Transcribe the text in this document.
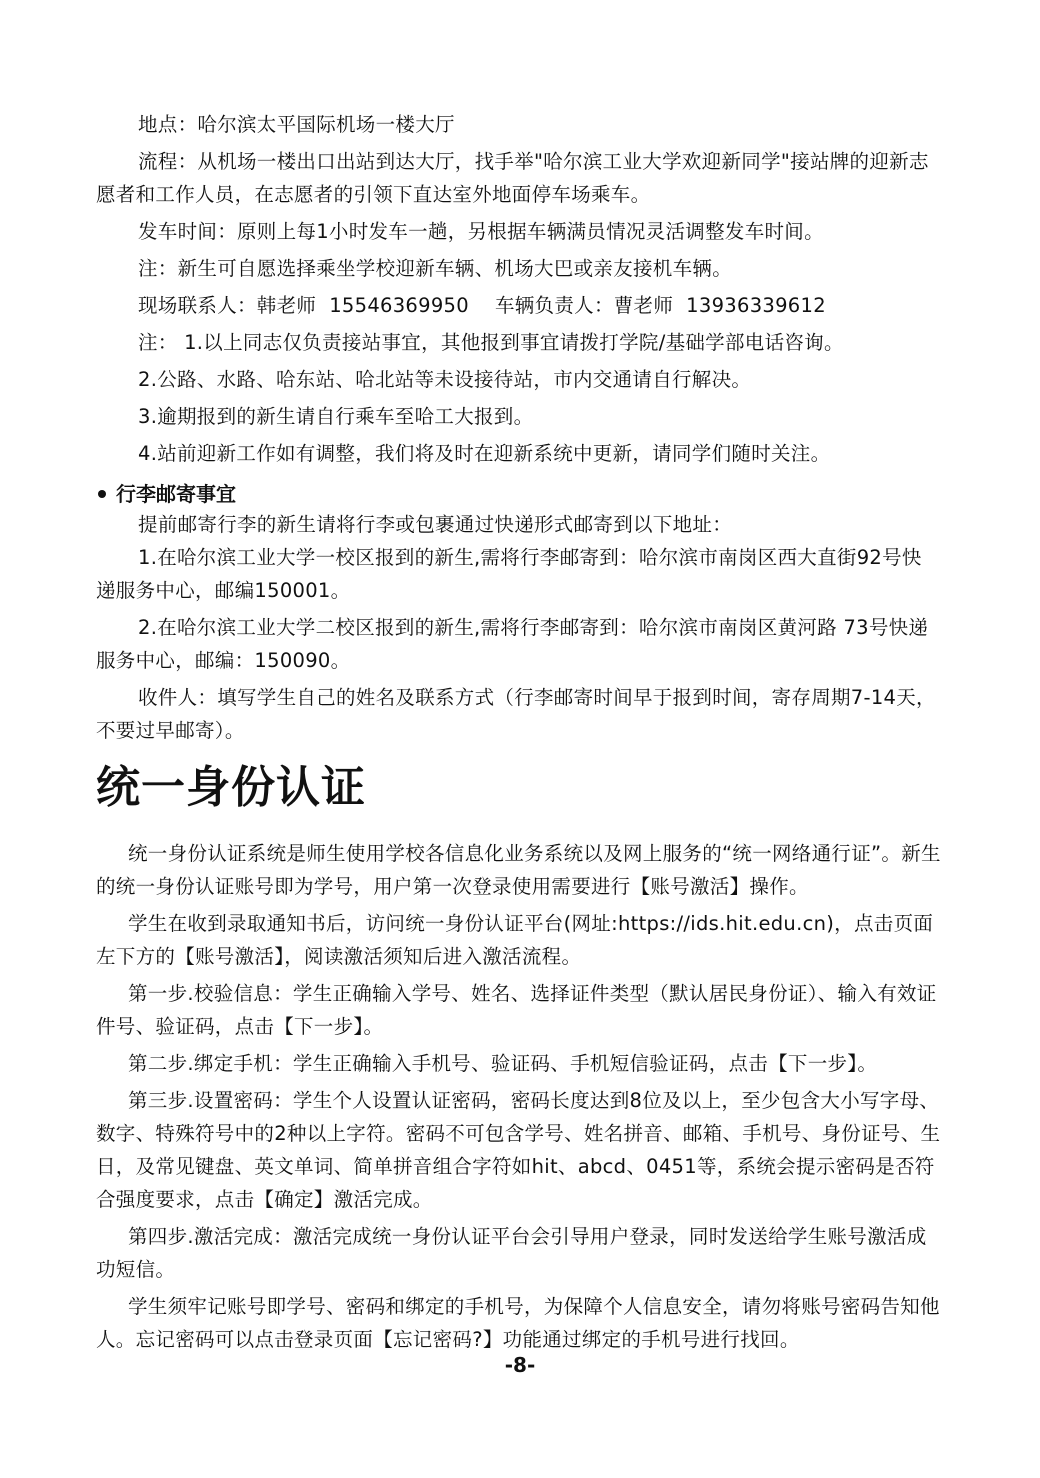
地点：哈尔滨太平国际机场一楼大厅

流程：从机场一楼出口出站到达大厅，找手举"哈尔滨工业大学欢迎新同学"接站牌的迎新志愿者和工作人员，在志愿者的引领下直达室外地面停车场乘车。

发车时间：原则上每1小时发车一趟，另根据车辆满员情况灵活调整发车时间。

注：新生可自愿选择乘坐学校迎新车辆、机场大巴或亲友接机车辆。

现场联系人：韩老师  15546369950    车辆负责人：曹老师  13936339612

注： 1.以上同志仅负责接站事宜，其他报到事宜请拨打学院/基础学部电话咨询。

2.公路、水路、哈东站、哈北站等未设接待站，市内交通请自行解决。

3.逾期报到的新生请自行乘车至哈工大报到。

4.站前迎新工作如有调整，我们将及时在迎新系统中更新，请同学们随时关注。

行李邮寄事宜

提前邮寄行李的新生请将行李或包裹通过快递形式邮寄到以下地址：

1.在哈尔滨工业大学一校区报到的新生,需将行李邮寄到：哈尔滨市南岗区西大直街92号快递服务中心，邮编150001。

2.在哈尔滨工业大学二校区报到的新生,需将行李邮寄到：哈尔滨市南岗区黄河路 73号快递服务中心，邮编：150090。

收件人：填写学生自己的姓名及联系方式（行李邮寄时间早于报到时间，寄存周期7-14天，不要过早邮寄）。

统一身份认证

统一身份认证系统是师生使用学校各信息化业务系统以及网上服务的“统一网络通行证”。新生的统一身份认证账号即为学号，用户第一次登录使用需要进行【账号激活】操作。

学生在收到录取通知书后，访问统一身份认证平台(网址:https://ids.hit.edu.cn)，点击页面左下方的【账号激活】，阅读激活须知后进入激活流程。

第一步.校验信息：学生正确输入学号、姓名、选择证件类型（默认居民身份证）、输入有效证件号、验证码，点击【下一步】。

第二步.绑定手机：学生正确输入手机号、验证码、手机短信验证码，点击【下一步】。

第三步.设置密码：学生个人设置认证密码，密码长度达到8位及以上，至少包含大小写字母、数字、特殊符号中的2种以上字符。密码不可包含学号、姓名拼音、邮箱、手机号、身份证号、生日，及常见键盘、英文单词、简单拼音组合字符如hit、abcd、0451等，系统会提示密码是否符合强度要求，点击【确定】激活完成。

第四步.激活完成：激活完成统一身份认证平台会引导用户登录，同时发送给学生账号激活成功短信。

学生须牢记账号即学号、密码和绑定的手机号，为保障个人信息安全，请勿将账号密码告知他人。忘记密码可以点击登录页面【忘记密码?】功能通过绑定的手机号进行找回。

-8-
